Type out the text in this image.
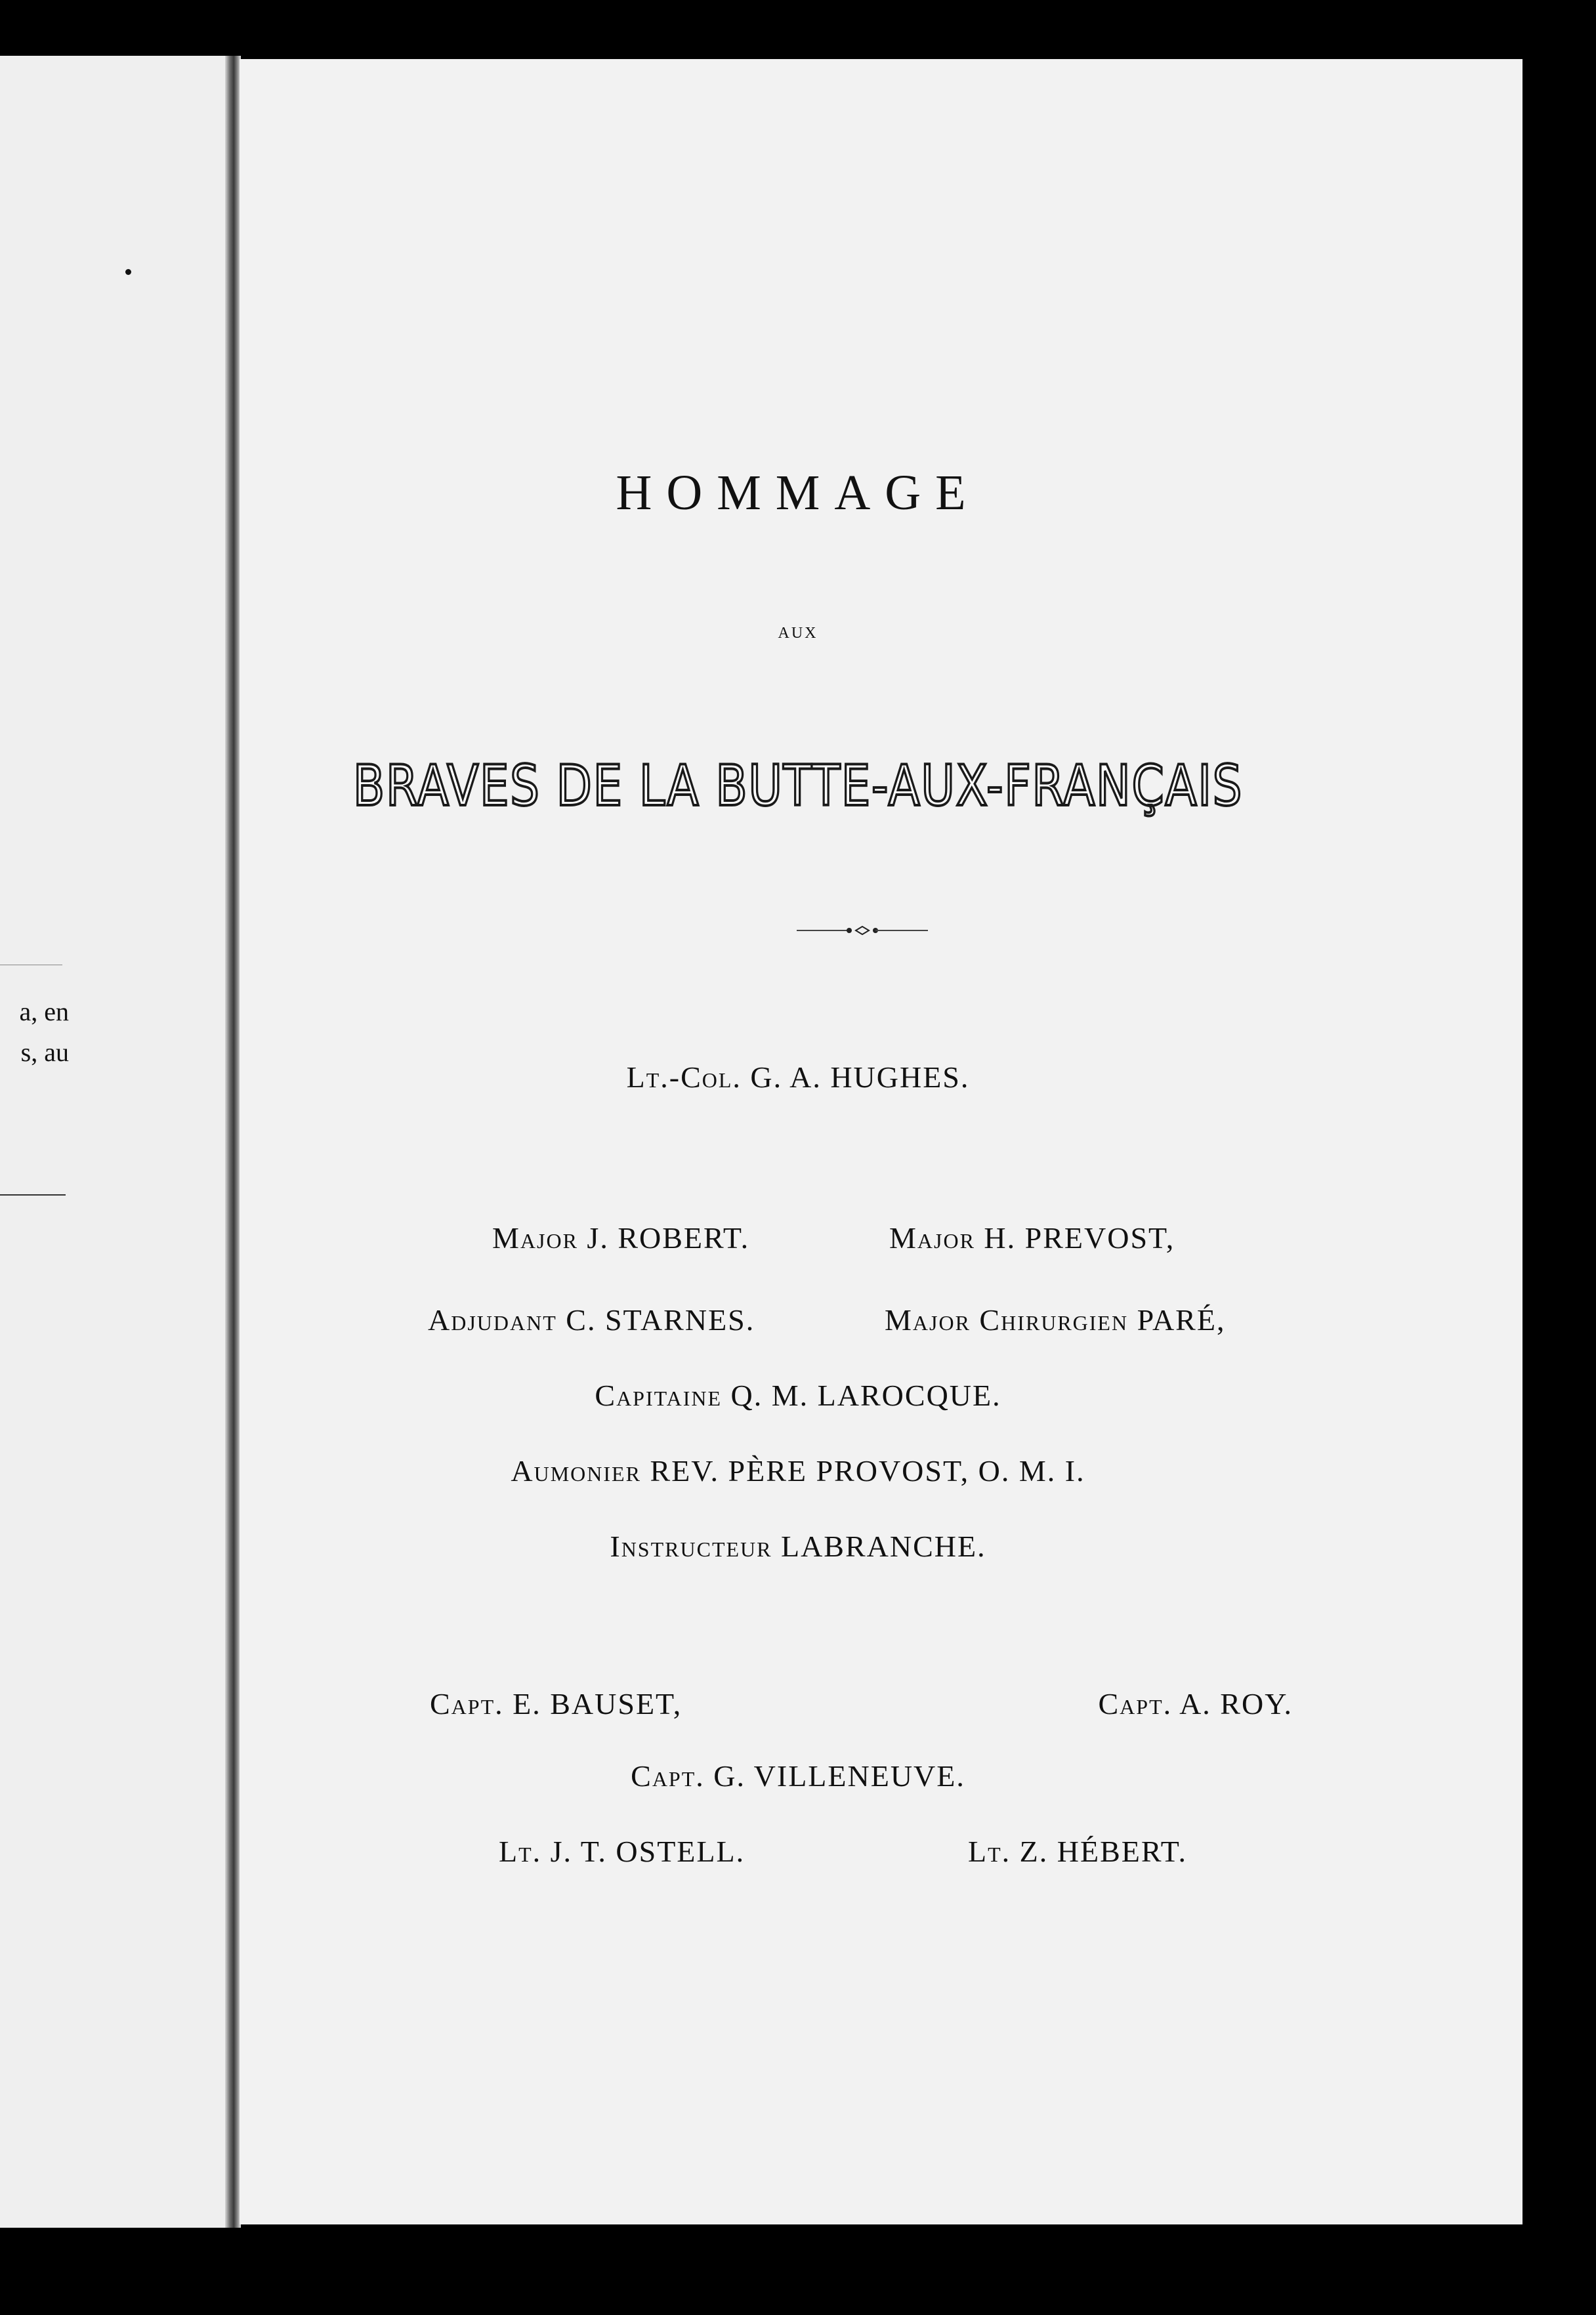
a, en
s, au
HOMMAGE
AUX
BRAVES DE LA BUTTE-AUX-FRANÇAIS
Lt.-Col. G. A. HUGHES.
Major J. ROBERT.	Major H. PREVOST,
Adjudant C. STARNES.	Major Chirurgien PARÉ,
Capitaine Q. M. LAROCQUE.
Aumonier REV. PÈRE PROVOST, O. M. I.
Instructeur LABRANCHE.
Capt. E. BAUSET,	Capt. A. ROY.
Capt. G. VILLENEUVE.
Lt. J. T. OSTELL.	Lt. Z. HÉBERT.
